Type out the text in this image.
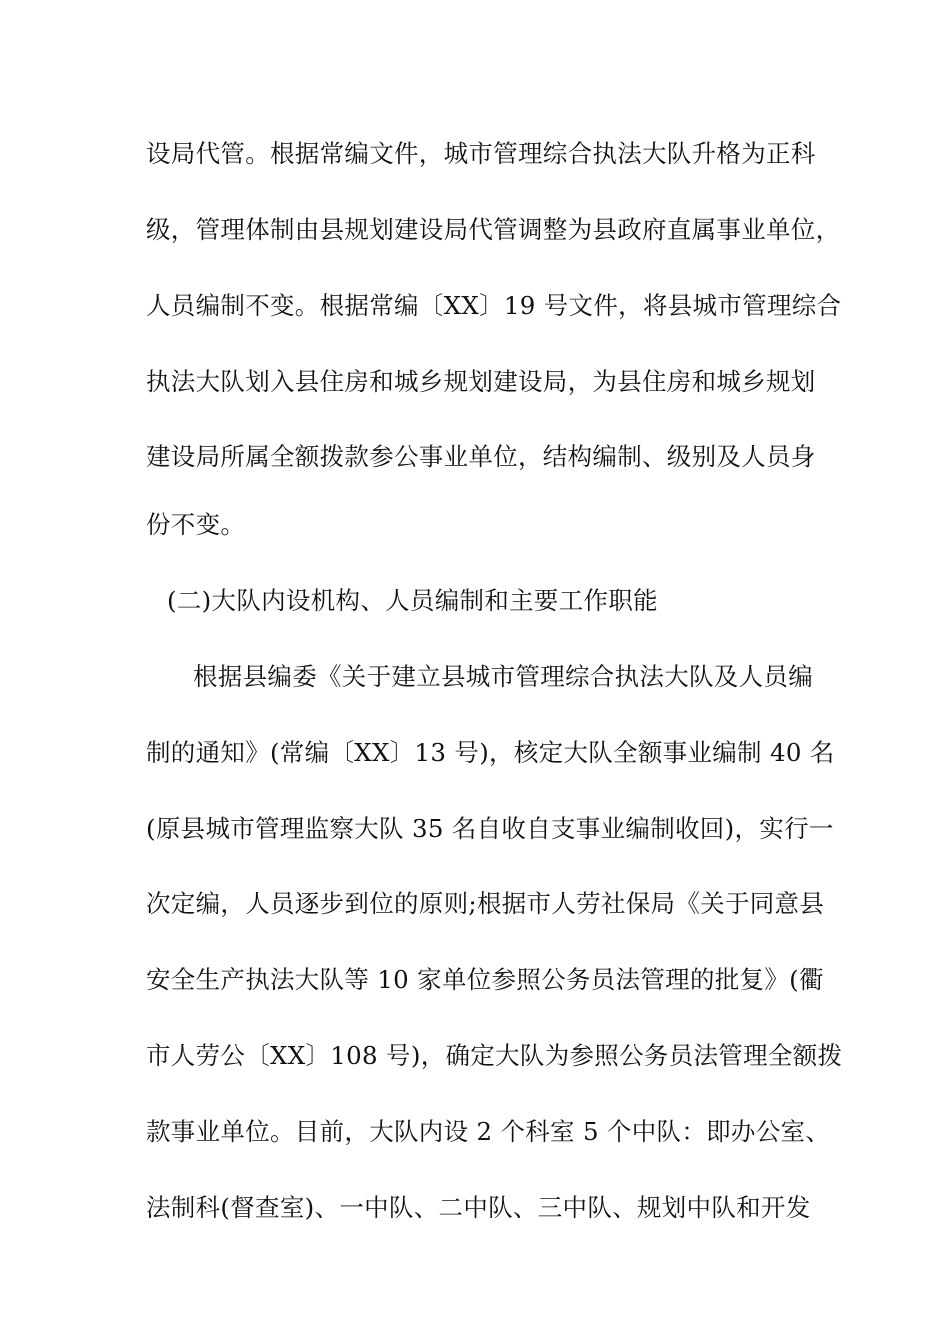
设局代管。根据常编文件，城市管理综合执法大队升格为正科
级，管理体制由县规划建设局代管调整为县政府直属事业单位，
人员编制不变。根据常编〔XX〕19 号文件，将县城市管理综合
执法大队划入县住房和城乡规划建设局，为县住房和城乡规划
建设局所属全额拨款参公事业单位，结构编制、级别及人员身
份不变。
(二)大队内设机构、人员编制和主要工作职能
根据县编委《关于建立县城市管理综合执法大队及人员编
制的通知》(常编〔XX〕13 号)，核定大队全额事业编制 40 名
(原县城市管理监察大队 35 名自收自支事业编制收回)，实行一
次定编，人员逐步到位的原则;根据市人劳社保局《关于同意县
安全生产执法大队等 10 家单位参照公务员法管理的批复》(衢
市人劳公〔XX〕108 号)，确定大队为参照公务员法管理全额拨
款事业单位。目前，大队内设 2 个科室 5 个中队：即办公室、
法制科(督查室)、一中队、二中队、三中队、规划中队和开发
